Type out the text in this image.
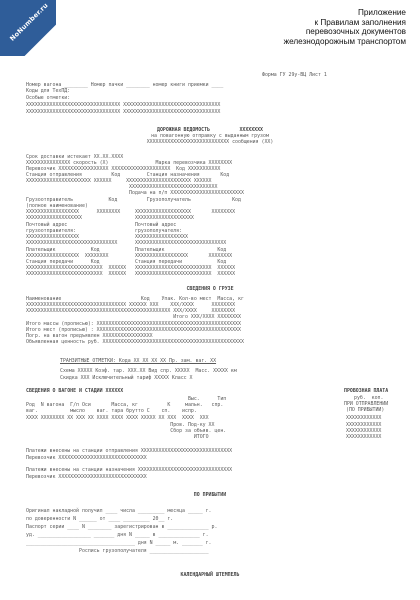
NoNumber.ru	Приложение
к Правилам заполнения
перевозочных документов
железнодорожным транспортом
Форма ГУ 29у-ВЦ Лист 1
Номер вагона ________ Номер пачки ________ номер книги приемки ____
Коды для ТехПД:
Особые отметки:
XXXXXXXXXXXXXXXXXXXXXXXXXXXXXXXX XXXXXXXXXXXXXXXXXXXXXXXXXXXXXXXXX
XXXXXXXXXXXXXXXXXXXXXXXXXXXXXXXX XXXXXXXXXXXXXXXXXXXXXXXXXXXXXXXXX
ДОРОЖНАЯ ВЕДОМОСТЬ          XXXXXXXX
на повагонную отправку с выданным грузом
XXXXXXXXXXXXXXXXXXXXXXXXXXXX сообщения (XX)
Срок доставки истекает XX.XX.XXXX
XXXXXXXXXXXXXXX скорость (X)                Марка перевозчика XXXXXXXX
Перевозчик XXXXXXXXXXXXXXXXX XXXXXXXXXXXXXXXXXXXX  Код XXXXXXXXXXX
Станция отправления          Код         Станция назначения       Код
XXXXXXXXXXXXXXXXXXXXXX XXXXXX     XXXXXXXXXXXXXXXXXXXXXX XXXXXX
XXXXXXXXXXXXXXXXXXXXXXXXXXXXXX
Подача на п/п XXXXXXXXXXXXXXXXXXXXXXXXX
Грузоотправитель            Код          Грузополучатель              Код
(полное наименование)
XXXXXXXXXXXXXXXXXX      XXXXXXXX     XXXXXXXXXXXXXXXXXXX       XXXXXXXX
XXXXXXXXXXXXXXXXXXX                  XXXXXXXXXXXXXXXXXXXX
Почтовый адрес                       Почтовый адрес
грузоотправителя:                    грузополучателя:
XXXXXXXXXXXXXXXXXX                   XXXXXXXXXXXXXXXXXX
XXXXXXXXXXXXXXXXXXXXXXXXXXXXXXX      XXXXXXXXXXXXXXXXXXXXXXXXXXXXXXX
Плательщик            Код            Плательщик                  Код
XXXXXXXXXXXXXXXXXX  XXXXXXXX         XXXXXXXXXXXXXXXXXX       XXXXXXXX
Станция передачи      Код            Станция передачи            Код
XXXXXXXXXXXXXXXXXXXXXXXXXX  XXXXXX   XXXXXXXXXXXXXXXXXXXXXXXXXX  XXXXXX
XXXXXXXXXXXXXXXXXXXXXXXXXX  XXXXXX   XXXXXXXXXXXXXXXXXXXXXXXXXX  XXXXXX
СВЕДЕНИЯ О ГРУЗЕ
Наименование                           Код    Упак. Кол-во мест  Масса, кг
XXXXXXXXXXXXXXXXXXXXXXXXXXXXXXXXXX XXXXXX XXX    XXX/XXXX      XXXXXXXX
XXXXXXXXXXXXXXXXXXXXXXXXXXXXXXXXXXXXXXXXXXXXXXXXX XXX/XXXX     XXXXXXXX
Итого XXX/XXXX XXXXXXXX
Итого массы (прописью): XXXXXXXXXXXXXXXXXXXXXXXXXXXXXXXXXXXXXXXXXXXXXXXXX
Итого мест (прописью) : XXXXXXXXXXXXXXXXXXXXXXXXXXXXXXXXXXXXXXXXXXXXXXXXX
Погр. на вагон предъявлен XXXXXXXXXXXXXXXXX
Объявленная ценность руб. XXXXXXXXXXXXXXXXXXXXXXXXXXXXXXXXXXXXXXXXXXXXXXXX
ТРАНЗИТНЫЕ ОТМЕТКИ: Кода XX XX XX XX Пр. зам. ваг. XX
Схема XXXXX Коэф. тар. XXX.XX Вид спр. XXXXX  Масс. XXXXX км
Скидка XXX Исключительный тариф XXXXX Класс X
СВЕДЕНИЯ О ВАГОНЕ И СТАДИИ XXXXXX
Выс.      Тип
Род  N вагона  Г/п Оси       Масса, кг          К     мальн.   спр.
ваг.           мысло    ваг. тара брутто С    сп.    испр.
XXXX XXXXXXXX XX XXX XX XXXX XXXX XXXX XXXXX XX XXX  XXXX  XXX
Пров. Под-ку XX
Сбор за объяв. цен.
ИТОГО
ПРОВОЗНАЯ ПЛАТА
руб.  коп.
ПРИ ОТПРАВЛЕНИИ
(ПО ПРИБЫТИИ)
XXXXXXXXXXXX
XXXXXXXXXXXX
XXXXXXXXXXXX
XXXXXXXXXXXX
Платежи внесены на станции отправления XXXXXXXXXXXXXXXXXXXXXXXXXXXXXXX
Перевозчик XXXXXXXXXXXXXXXXXXXXXXXXXXXXXX
Платежи внесены на станции назначения XXXXXXXXXXXXXXXXXXXXXXXXXXXXXXXX
Перевозчик XXXXXXXXXXXXXXXXXXXXXXXXXXXXXX
ПО ПРИБЫТИИ
Оригинал накладной получил ____ числа _________ месяца _____ г.
по доверенности N ______ от ____ _________ 20__ г.
Паспорт серии ____ N ________ зарегистрирован в ______________ р.
уд. __________________ _______ дня N _____ в ______________ г.
_____________________________________ дня N _____ м. _______ г.
Роспись грузополучателя ____________________
КАЛЕНДАРНЫЙ ШТЕМПЕЛЬ
